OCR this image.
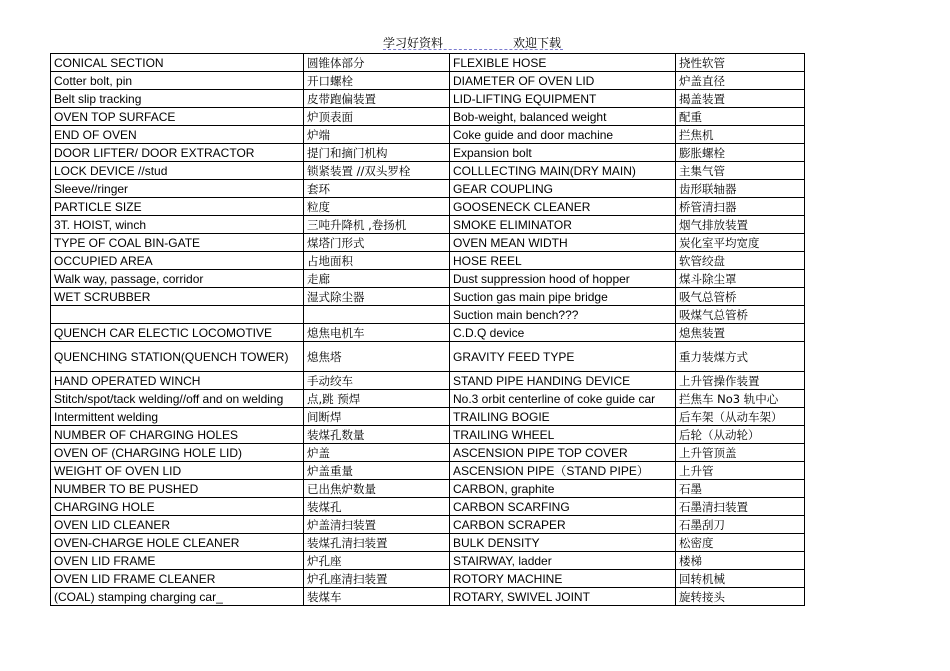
学习好资料	欢迎下载
CONICAL SECTION	圆锥体部分	FLEXIBLE HOSE	挠性软管
Cotter bolt, pin	开口螺栓	DIAMETER OF OVEN LID	炉盖直径
Belt slip tracking	皮带跑偏装置	LID-LIFTING EQUIPMENT	揭盖装置
OVEN TOP SURFACE	炉顶表面	Bob-weight, balanced weight	配重
END OF OVEN	炉端	Coke guide and door machine	拦焦机
DOOR LIFTER/ DOOR EXTRACTOR	提门和摘门机构	Expansion bolt	膨胀螺栓
LOCK DEVICE //stud	锁紧装置 //双头罗栓	COLLLECTING MAIN(DRY MAIN)	主集气管
Sleeve//ringer	套环	GEAR COUPLING	齿形联轴器
PARTICLE SIZE	粒度	GOOSENECK CLEANER	桥管清扫器
3T. HOIST, winch	三吨升降机 ,卷扬机	SMOKE ELIMINATOR	烟气排放装置
TYPE OF COAL BIN-GATE	煤塔门形式	OVEN MEAN WIDTH	炭化室平均宽度
OCCUPIED AREA	占地面积	HOSE REEL	软管绞盘
Walk way, passage, corridor	走廊	Dust suppression hood of hopper	煤斗除尘罩
WET SCRUBBER	湿式除尘器	Suction gas main pipe bridge	吸气总管桥
		Suction main bench???	吸煤气总管桥
QUENCH CAR ELECTIC LOCOMOTIVE	熄焦电机车	C.D.Q device	熄焦装置
QUENCHING STATION(QUENCH TOWER)	熄焦塔	GRAVITY FEED TYPE	重力装煤方式
HAND OPERATED WINCH	手动绞车	STAND PIPE HANDING DEVICE	上升管操作装置
Stitch/spot/tack welding//off and on welding	点,跳 预焊	No.3 orbit centerline of coke guide car	拦焦车 No3 轨中心
Intermittent welding	间断焊	TRAILING BOGIE	后车架（从动车架）
NUMBER OF CHARGING HOLES	装煤孔数量	TRAILING WHEEL	后轮（从动轮）
OVEN OF (CHARGING HOLE LID)	炉盖	ASCENSION PIPE TOP COVER	上升管顶盖
WEIGHT OF OVEN LID	炉盖重量	ASCENSION PIPE（STAND PIPE）	上升管
NUMBER TO BE PUSHED	已出焦炉数量	CARBON, graphite	石墨
CHARGING HOLE	装煤孔	CARBON SCARFING	石墨清扫装置
OVEN LID CLEANER	炉盖清扫装置	CARBON SCRAPER	石墨刮刀
OVEN-CHARGE HOLE CLEANER	装煤孔清扫装置	BULK DENSITY	松密度
OVEN LID FRAME	炉孔座	STAIRWAY, ladder	楼梯
OVEN LID FRAME CLEANER	炉孔座清扫装置	ROTORY MACHINE	回转机械
(COAL) stamping charging car_	装煤车	ROTARY, SWIVEL JOINT	旋转接头
